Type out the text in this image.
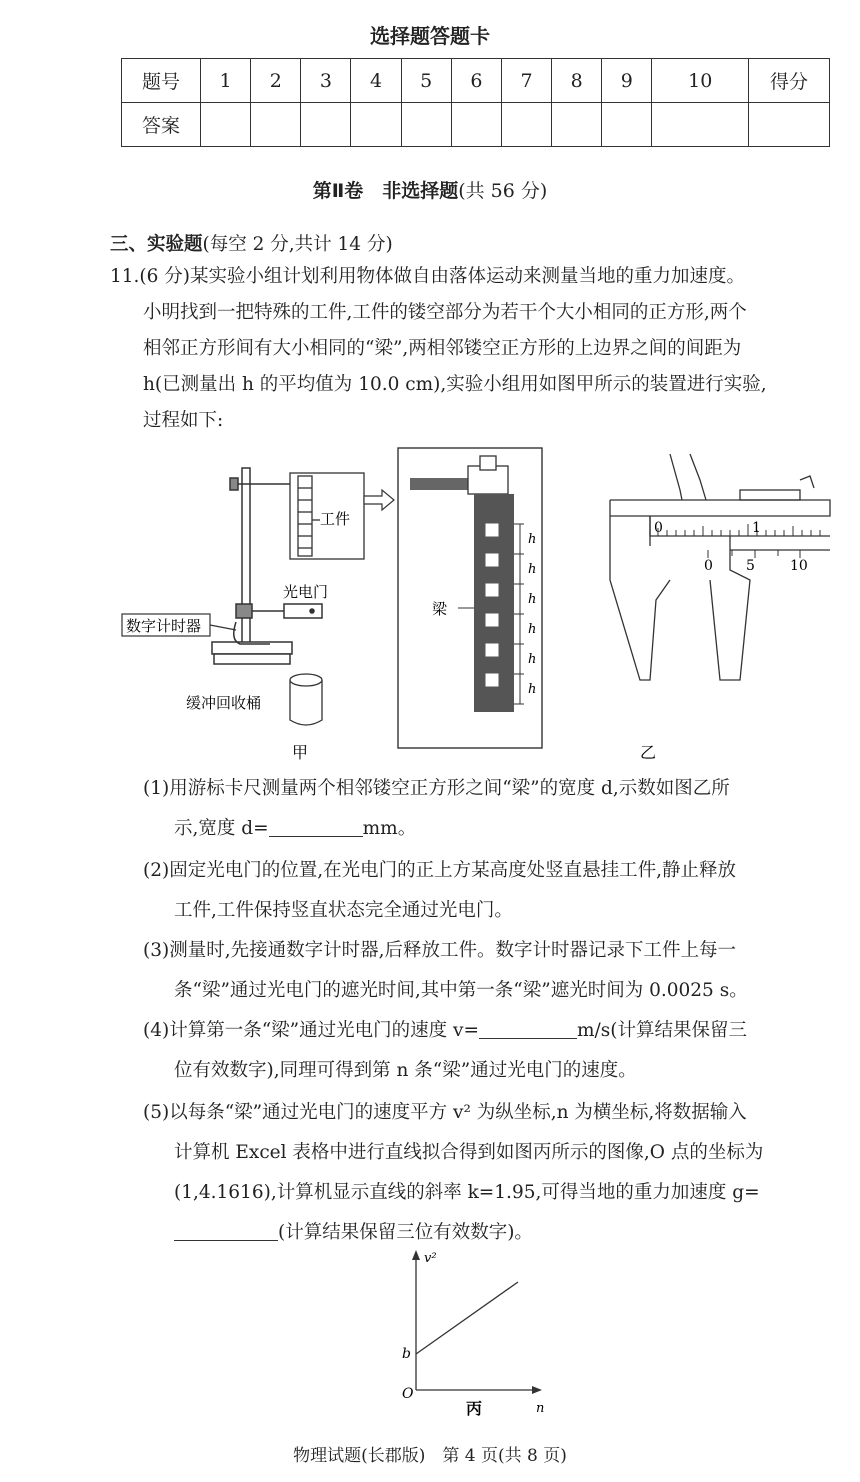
选择题答题卡
题号	1	2	3	4	5	6	7	8	9	10	得分
答案											
第Ⅱ卷　非选择题(共 56 分)
三、实验题(每空 2 分,共计 14 分)
11.(6 分)某实验小组计划利用物体做自由落体运动来测量当地的重力加速度。
小明找到一把特殊的工件,工件的镂空部分为若干个大小相同的正方形,两个
相邻正方形间有大小相同的“梁”,两相邻镂空正方形的上边界之间的间距为
h(已测量出 h 的平均值为 10.0 cm),实验小组用如图甲所示的装置进行实验,
过程如下:
工件
光电门
数字计时器
缓冲回收桶
h
h
h
h
h
h
梁
0	1
0 5	10
甲	乙
(1)用游标卡尺测量两个相邻镂空正方形之间“梁”的宽度 d,示数如图乙所
示,宽度 d=	mm。
(2)固定光电门的位置,在光电门的正上方某高度处竖直悬挂工件,静止释放
工件,工件保持竖直状态完全通过光电门。
(3)测量时,先接通数字计时器,后释放工件。数字计时器记录下工件上每一
条“梁”通过光电门的遮光时间,其中第一条“梁”遮光时间为 0.0025 s。
(4)计算第一条“梁”通过光电门的速度 v=	m/s(计算结果保留三
位有效数字),同理可得到第 n 条“梁”通过光电门的速度。
(5)以每条“梁”通过光电门的速度平方 v² 为纵坐标,n 为横坐标,将数据输入
计算机 Excel 表格中进行直线拟合得到如图丙所示的图像,O 点的坐标为
(1,4.1616),计算机显示直线的斜率 k=1.95,可得当地的重力加速度 g=
(计算结果保留三位有效数字)。
v²
n
O
b
丙
物理试题(长郡版)　第 4 页(共 8 页)
